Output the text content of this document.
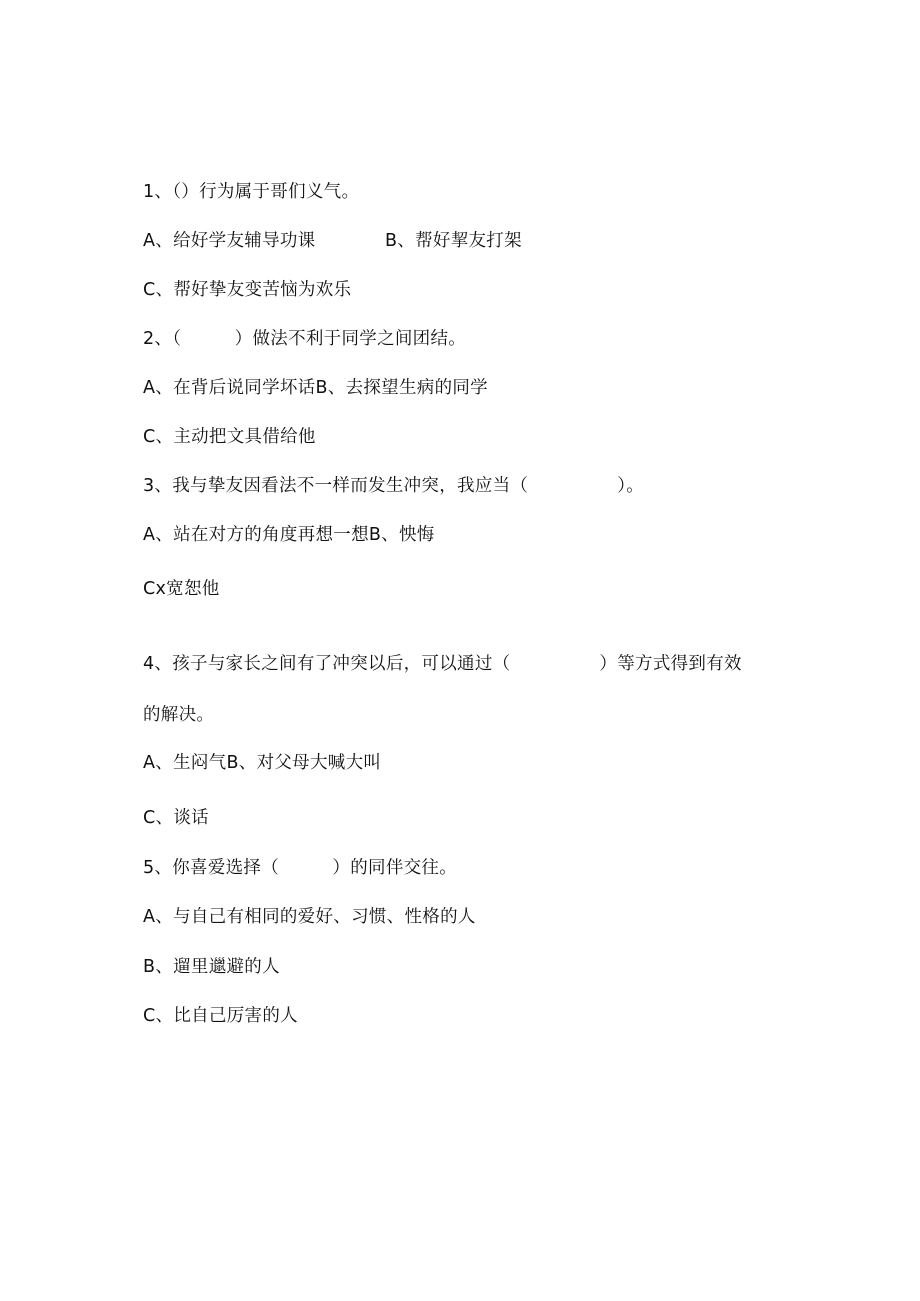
1、（）行为属于哥们义气。
A、给好学友辅导功课	B、帮好挈友打架
C、帮好挚友变苦恼为欢乐
2、（　　　）做法不利于同学之间团结。
A、在背后说同学坏话B、去探望生病的同学
C、主动把文具借给他
3、我与挚友因看法不一样而发生冲突，我应当（　　　　　）。
A、站在对方的角度再想一想B、怏悔
Cx宽恕他
4、孩子与家长之间有了冲突以后，可以通过（　　　　　）等方式得到有效
的解决。
A、生闷气B、对父母大喊大叫
C、谈话
5、你喜爱选择（　　　）的同伴交往。
A、与自己有相同的爱好、习惯、性格的人
B、遛里邋避的人
C、比自己厉害的人
